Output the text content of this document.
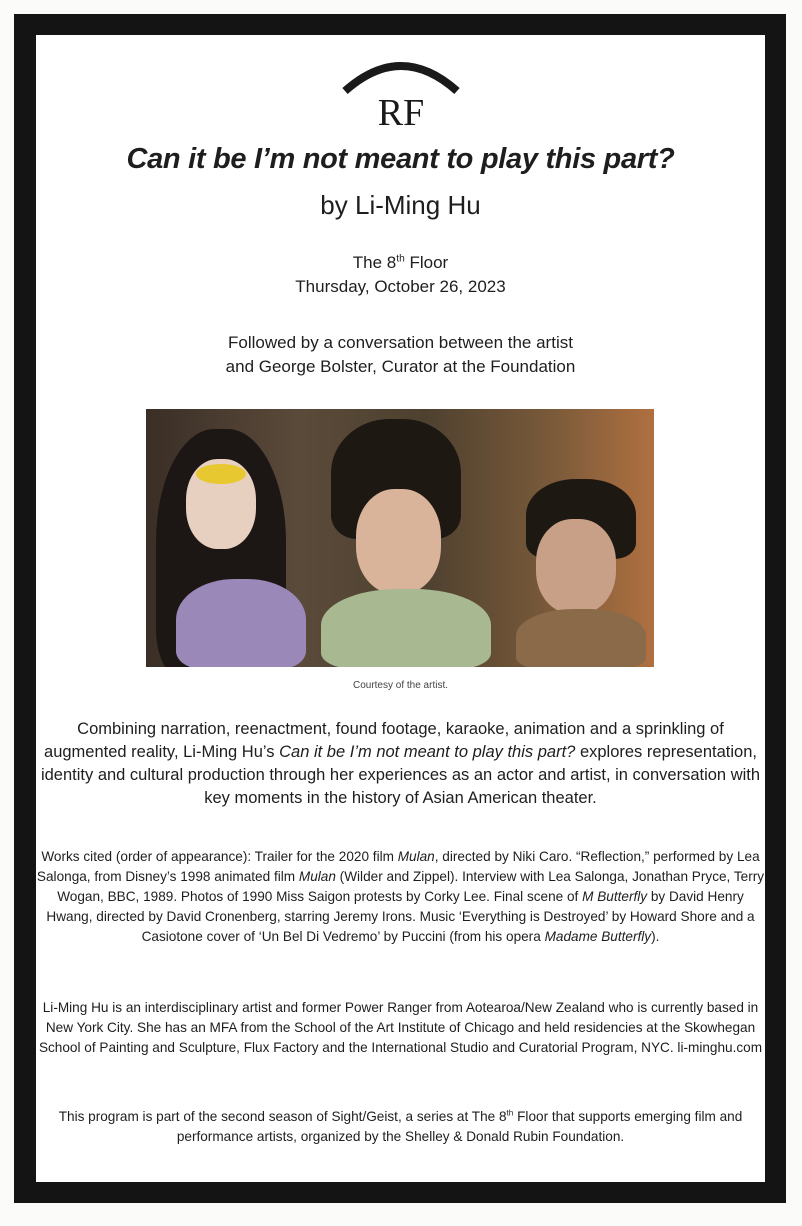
RF
Can it be I’m not meant to play this part?
by Li-Ming Hu
The 8th Floor
Thursday, October 26, 2023
Followed by a conversation between the artist
and George Bolster, Curator at the Foundation
Courtesy of the artist.
Combining narration, reenactment, found footage, karaoke, animation and a sprinkling of augmented reality, Li-Ming Hu’s Can it be I’m not meant to play this part? explores representation, identity and cultural production through her experiences as an actor and artist, in conversation with key moments in the history of Asian American theater.
Works cited (order of appearance): Trailer for the 2020 film Mulan, directed by Niki Caro. “Reflection,” performed by Lea Salonga, from Disney’s 1998 animated film Mulan (Wilder and Zippel). Interview with Lea Salonga, Jonathan Pryce, Terry Wogan, BBC, 1989. Photos of 1990 Miss Saigon protests by Corky Lee. Final scene of M Butterfly by David Henry Hwang, directed by David Cronenberg, starring Jeremy Irons. Music ‘Everything is Destroyed’ by Howard Shore and a Casiotone cover of ‘Un Bel Di Vedremo’ by Puccini (from his opera Madame Butterfly).
Li-Ming Hu is an interdisciplinary artist and former Power Ranger from Aotearoa/New Zealand who is currently based in New York City. She has an MFA from the School of the Art Institute of Chicago and held residencies at the Skowhegan School of Painting and Sculpture, Flux Factory and the International Studio and Curatorial Program, NYC. li-minghu.com
This program is part of the second season of Sight/Geist, a series at The 8th Floor that supports emerging film and performance artists, organized by the Shelley & Donald Rubin Foundation.
